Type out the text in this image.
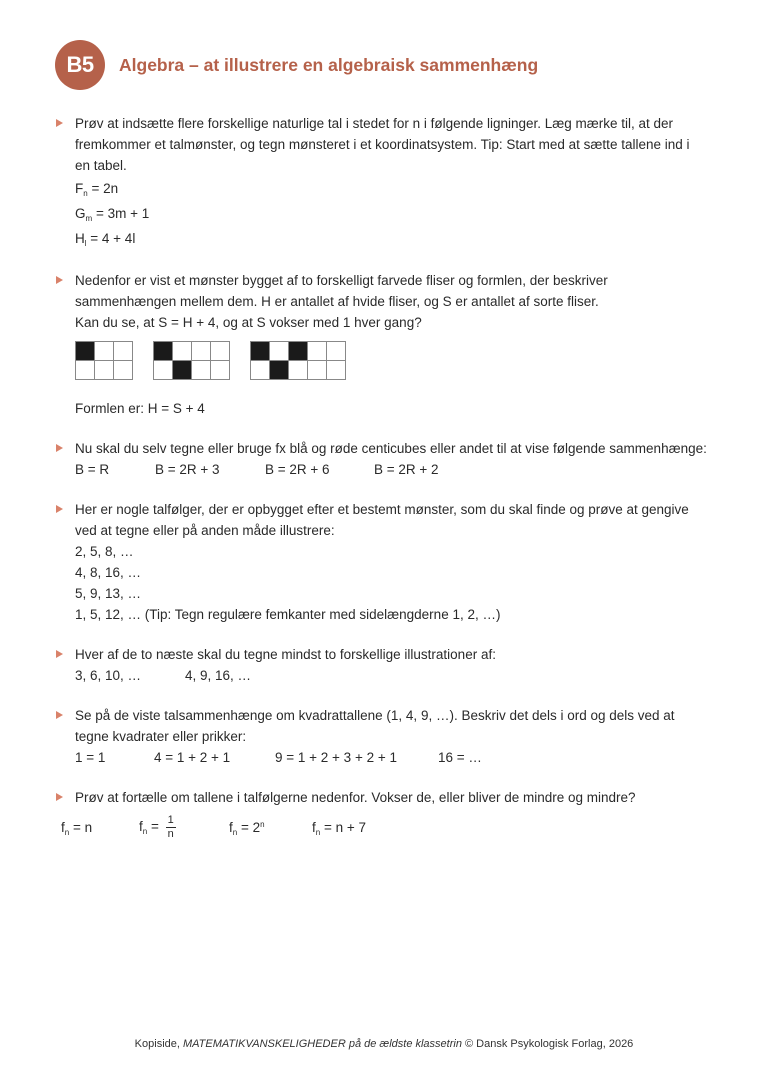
B5	Algebra – at illustrere en algebraisk sammenhæng
Prøv at indsætte flere forskellige naturlige tal i stedet for n i følgende ligninger. Læg mærke til, at der
fremkommer et talmønster, og tegn mønsteret i et koordinatsystem. Tip: Start med at sætte tallene ind i
en tabel.
$F_n = 2n$
$G_m = 3m + 1$
$H_l = 4 + 4l$
Nedenfor er vist et mønster bygget af to forskelligt farvede fliser og formlen, der beskriver
sammenhængen mellem dem. H er antallet af hvide fliser, og S er antallet af sorte fliser.
Kan du se, at S = H + 4, og at S vokser med 1 hver gang?
Formlen er: H = S + 4
Nu skal du selv tegne eller bruge fx blå og røde centicubes eller andet til at vise følgende sammenhænge:
B = R	B = 2R + 3	B = 2R + 6	B = 2R + 2
Her er nogle talfølger, der er opbygget efter et bestemt mønster, som du skal finde og prøve at gengive
ved at tegne eller på anden måde illustrere:
2, 5, 8, …
4, 8, 16, …
5, 9, 13, …
1, 5, 12, … (Tip: Tegn regulære femkanter med sidelængderne 1, 2, …)
Hver af de to næste skal du tegne mindst to forskellige illustrationer af:
3, 6, 10, …	4, 9, 16, …
Se på de viste talsammenhænge om kvadrattallene (1, 4, 9, …). Beskriv det dels i ord og dels ved at
tegne kvadrater eller prikker:
1 = 1	4 = 1 + 2 + 1	9 = 1 + 2 + 3 + 2 + 1	16 = …
Prøv at fortælle om tallene i talfølgerne nedenfor. Vokser de, eller bliver de mindre og mindre?
$f_n = n$	$f_n = \frac{1}{n}$	$f_n = 2^n$	$f_n = n + 7$
Kopiside, MATEMATIKVANSKELIGHEDER på de ældste klassetrin © Dansk Psykologisk Forlag, 2026
